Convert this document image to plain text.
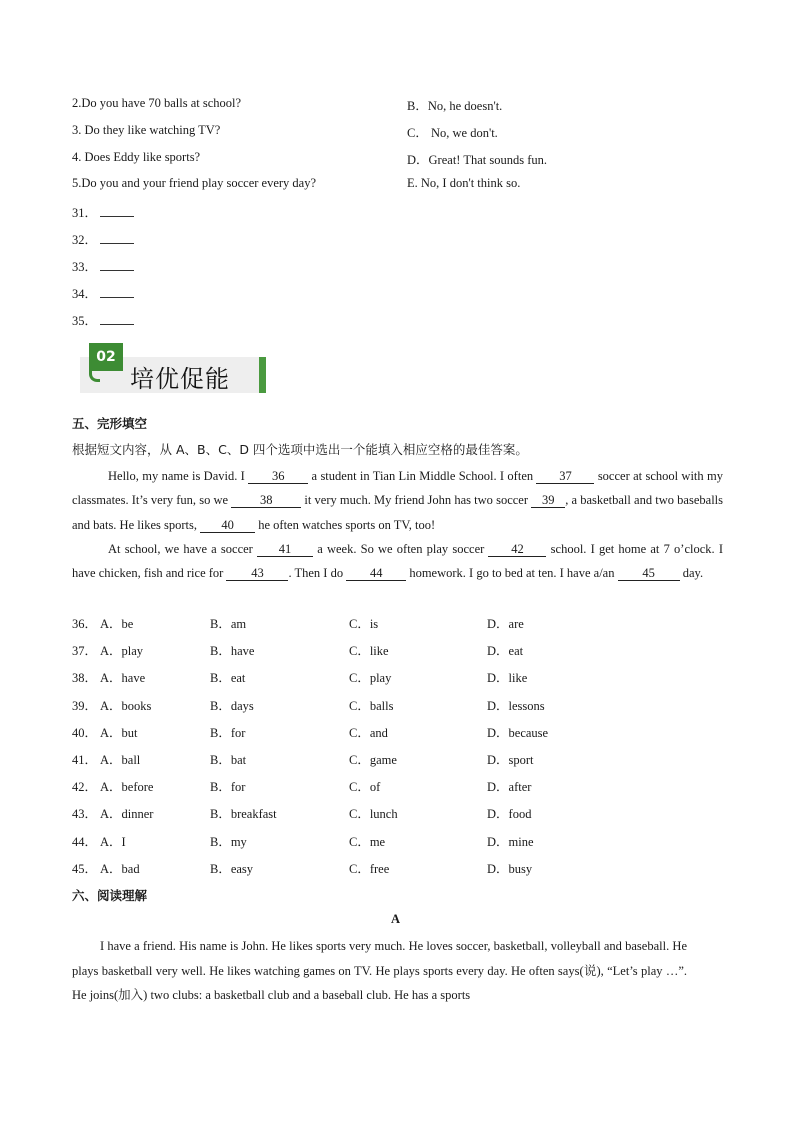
2.Do you have 70 balls at school?	B．No, he doesn't.
3. Do they like watching TV?	C． No, we don't.
4. Does Eddy like sports?	D．Great! That sounds fun.
5.Do you and your friend play soccer every day?	E. No, I don't think so.
31．
32．
33．
34．
35．
02
培优促能
五、完形填空
根据短文内容，从 A、B、C、D 四个选项中选出一个能填入相应空格的最佳答案。
Hello, my name is David. I 36 a student in Tian Lin Middle School. I often 37 soccer at school with my classmates. It’s very fun, so we 38 it very much. My friend John has two soccer 39 , a basketball and two baseballs and bats. He likes sports, 40 he often watches sports on TV, too!
At school, we have a soccer 41 a week. So we often play soccer 42 school. I get home at 7 o’clock. I have chicken, fish and rice for 43 . Then I do 44 homework. I go to bed at ten. I have a/an 45 day.
36． A．be	B．am	C．is	D．are
37． A．play	B．have	C．like	D．eat
38． A．have	B．eat	C．play	D．like
39． A．books	B．days	C．balls	D．lessons
40． A．but	B．for	C．and	D．because
41． A．ball	B．bat	C．game	D．sport
42． A．before	B．for	C．of	D．after
43． A．dinner	B．breakfast	C．lunch	D．food
44． A．I	B．my	C．me	D．mine
45． A．bad	B．easy	C．free	D．busy
六、阅读理解
A
I have a friend. His name is John. He likes sports very much. He loves soccer, basketball, volleyball and baseball. He plays basketball very well. He likes watching games on TV. He plays sports every day. He often says(说), “Let’s play …”. He joins(加入) two clubs: a basketball club and a baseball club. He has a sports
